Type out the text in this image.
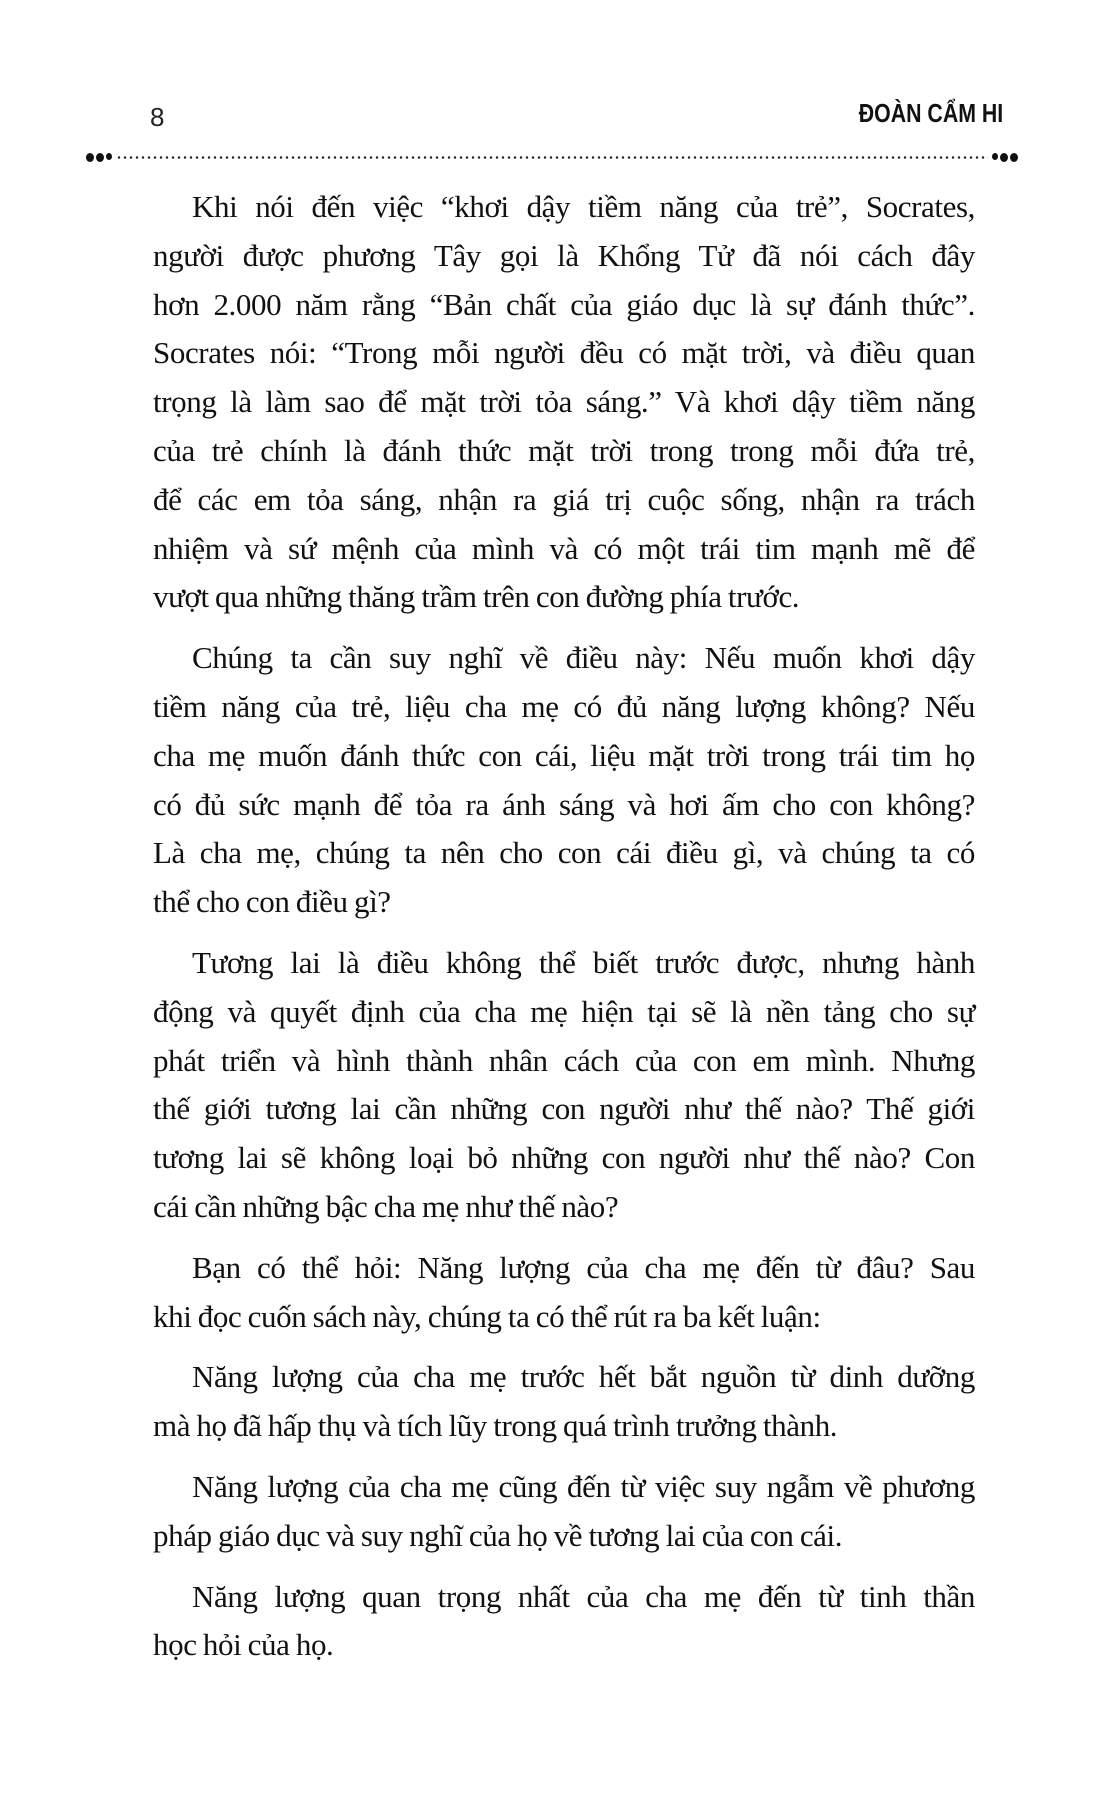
8	ĐOÀN CẨM HI

Khi nói đến việc “khơi dậy tiềm năng của trẻ”, Socrates,
người được phương Tây gọi là Khổng Tử đã nói cách đây
hơn 2.000 năm rằng “Bản chất của giáo dục là sự đánh thức”.
Socrates nói: “Trong mỗi người đều có mặt trời, và điều quan
trọng là làm sao để mặt trời tỏa sáng.” Và khơi dậy tiềm năng
của trẻ chính là đánh thức mặt trời trong trong mỗi đứa trẻ,
để các em tỏa sáng, nhận ra giá trị cuộc sống, nhận ra trách
nhiệm và sứ mệnh của mình và có một trái tim mạnh mẽ để
vượt qua những thăng trầm trên con đường phía trước.

Chúng ta cần suy nghĩ về điều này: Nếu muốn khơi dậy
tiềm năng của trẻ, liệu cha mẹ có đủ năng lượng không? Nếu
cha mẹ muốn đánh thức con cái, liệu mặt trời trong trái tim họ
có đủ sức mạnh để tỏa ra ánh sáng và hơi ấm cho con không?
Là cha mẹ, chúng ta nên cho con cái điều gì, và chúng ta có
thể cho con điều gì?

Tương lai là điều không thể biết trước được, nhưng hành
động và quyết định của cha mẹ hiện tại sẽ là nền tảng cho sự
phát triển và hình thành nhân cách của con em mình. Nhưng
thế giới tương lai cần những con người như thế nào? Thế giới
tương lai sẽ không loại bỏ những con người như thế nào? Con
cái cần những bậc cha mẹ như thế nào?

Bạn có thể hỏi: Năng lượng của cha mẹ đến từ đâu? Sau
khi đọc cuốn sách này, chúng ta có thể rút ra ba kết luận:

Năng lượng của cha mẹ trước hết bắt nguồn từ dinh dưỡng
mà họ đã hấp thụ và tích lũy trong quá trình trưởng thành.

Năng lượng của cha mẹ cũng đến từ việc suy ngẫm về phương
pháp giáo dục và suy nghĩ của họ về tương lai của con cái.

Năng lượng quan trọng nhất của cha mẹ đến từ tinh thần
học hỏi của họ.
